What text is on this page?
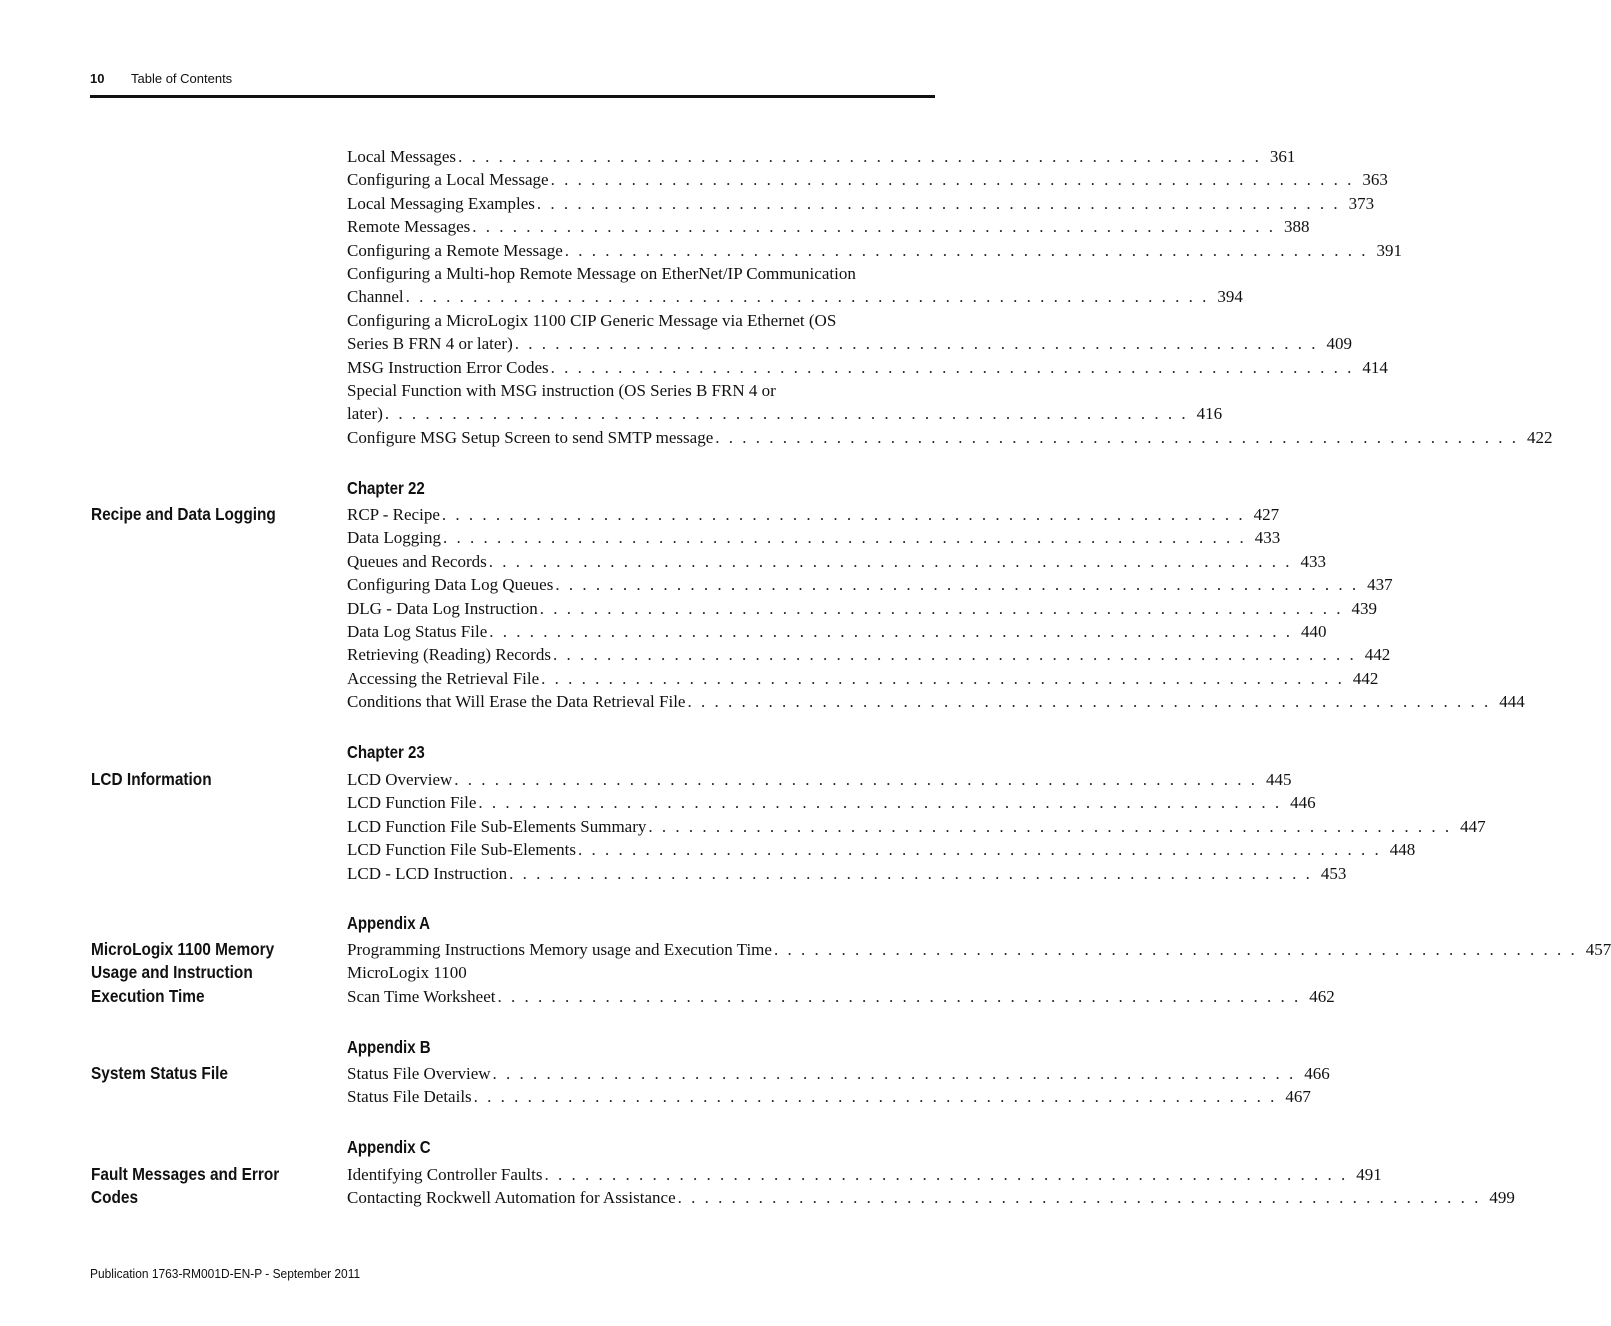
10 Table of Contents
Local Messages . . . . . . . . . . . . . . . . . . . . . . . . . . . . . . . . . . . . . . . . . . . . . . . . . . . . . . . . . . . . 361
Configuring a Local Message . . . . . . . . . . . . . . . . . . . . . . . . . . . . . . . . . . . . . . . . . . . . . . . . . . . . . . . . . . . . 363
Local Messaging Examples . . . . . . . . . . . . . . . . . . . . . . . . . . . . . . . . . . . . . . . . . . . . . . . . . . . . . . . . . . . . 373
Remote Messages . . . . . . . . . . . . . . . . . . . . . . . . . . . . . . . . . . . . . . . . . . . . . . . . . . . . . . . . . . . . 388
Configuring a Remote Message . . . . . . . . . . . . . . . . . . . . . . . . . . . . . . . . . . . . . . . . . . . . . . . . . . . . . . . . . . . . 391
Configuring a Multi-hop Remote Message on EtherNet/IP Communication
Channel . . . . . . . . . . . . . . . . . . . . . . . . . . . . . . . . . . . . . . . . . . . . . . . . . . . . . . . . . . . . 394
Configuring a MicroLogix 1100 CIP Generic Message via Ethernet (OS
Series B FRN 4 or later) . . . . . . . . . . . . . . . . . . . . . . . . . . . . . . . . . . . . . . . . . . . . . . . . . . . . . . . . . . . . 409
MSG Instruction Error Codes . . . . . . . . . . . . . . . . . . . . . . . . . . . . . . . . . . . . . . . . . . . . . . . . . . . . . . . . . . . . 414
Special Function with MSG instruction (OS Series B FRN 4 or
later) . . . . . . . . . . . . . . . . . . . . . . . . . . . . . . . . . . . . . . . . . . . . . . . . . . . . . . . . . . . . 416
Configure MSG Setup Screen to send SMTP message . . . . . . . . . . . . . . . . . . . . . . . . . . . . . . . . . . . . . . . . . . . . . . . . . . . . . . . . . . . . 422
Chapter 22
Recipe and Data Logging	RCP - Recipe . . . . . . . . . . . . . . . . . . . . . . . . . . . . . . . . . . . . . . . . . . . . . . . . . . . . . . . . . . . . 427
Data Logging . . . . . . . . . . . . . . . . . . . . . . . . . . . . . . . . . . . . . . . . . . . . . . . . . . . . . . . . . . . . 433
Queues and Records . . . . . . . . . . . . . . . . . . . . . . . . . . . . . . . . . . . . . . . . . . . . . . . . . . . . . . . . . . . . 433
Configuring Data Log Queues . . . . . . . . . . . . . . . . . . . . . . . . . . . . . . . . . . . . . . . . . . . . . . . . . . . . . . . . . . . . 437
DLG - Data Log Instruction . . . . . . . . . . . . . . . . . . . . . . . . . . . . . . . . . . . . . . . . . . . . . . . . . . . . . . . . . . . . 439
Data Log Status File . . . . . . . . . . . . . . . . . . . . . . . . . . . . . . . . . . . . . . . . . . . . . . . . . . . . . . . . . . . . 440
Retrieving (Reading) Records . . . . . . . . . . . . . . . . . . . . . . . . . . . . . . . . . . . . . . . . . . . . . . . . . . . . . . . . . . . . 442
Accessing the Retrieval File . . . . . . . . . . . . . . . . . . . . . . . . . . . . . . . . . . . . . . . . . . . . . . . . . . . . . . . . . . . . 442
Conditions that Will Erase the Data Retrieval File . . . . . . . . . . . . . . . . . . . . . . . . . . . . . . . . . . . . . . . . . . . . . . . . . . . . . . . . . . . . 444
Chapter 23
LCD Information	LCD Overview . . . . . . . . . . . . . . . . . . . . . . . . . . . . . . . . . . . . . . . . . . . . . . . . . . . . . . . . . . . . 445
LCD Function File . . . . . . . . . . . . . . . . . . . . . . . . . . . . . . . . . . . . . . . . . . . . . . . . . . . . . . . . . . . . 446
LCD Function File Sub-Elements Summary . . . . . . . . . . . . . . . . . . . . . . . . . . . . . . . . . . . . . . . . . . . . . . . . . . . . . . . . . . . . 447
LCD Function File Sub-Elements . . . . . . . . . . . . . . . . . . . . . . . . . . . . . . . . . . . . . . . . . . . . . . . . . . . . . . . . . . . . 448
LCD - LCD Instruction . . . . . . . . . . . . . . . . . . . . . . . . . . . . . . . . . . . . . . . . . . . . . . . . . . . . . . . . . . . . 453
Appendix A
MicroLogix 1100 Memory
Usage and Instruction
Execution Time
Programming Instructions Memory usage and Execution Time . . . . . . . . . . . . . . . . . . . . . . . . . . . . . . . . . . . . . . . . . . . . . . . . . . . . . . . . . . . . 457
MicroLogix 1100
Scan Time Worksheet . . . . . . . . . . . . . . . . . . . . . . . . . . . . . . . . . . . . . . . . . . . . . . . . . . . . . . . . . . . . 462
Appendix B
System Status File	Status File Overview . . . . . . . . . . . . . . . . . . . . . . . . . . . . . . . . . . . . . . . . . . . . . . . . . . . . . . . . . . . . 466
Status File Details . . . . . . . . . . . . . . . . . . . . . . . . . . . . . . . . . . . . . . . . . . . . . . . . . . . . . . . . . . . . 467
Appendix C
Fault Messages and Error
Codes
Identifying Controller Faults . . . . . . . . . . . . . . . . . . . . . . . . . . . . . . . . . . . . . . . . . . . . . . . . . . . . . . . . . . . . 491
Contacting Rockwell Automation for Assistance . . . . . . . . . . . . . . . . . . . . . . . . . . . . . . . . . . . . . . . . . . . . . . . . . . . . . . . . . . . . 499
Publication 1763-RM001D-EN-P - September 2011
